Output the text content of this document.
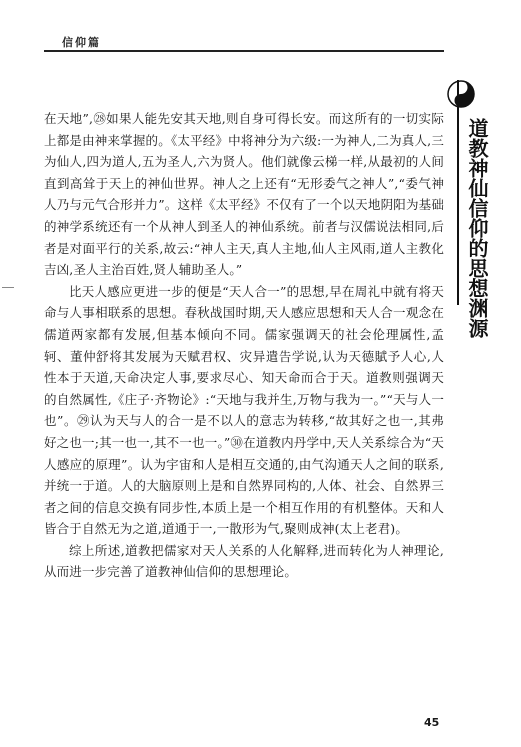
信仰篇
道教神仙信仰的思想渊源

在天地”,㉘如果人能先安其天地,则自身可得长安。而这所有的一切实际上都是由神来掌握的。《太平经》中将神分为六级:一为神人,二为真人,三为仙人,四为道人,五为圣人,六为贤人。他们就像云梯一样,从最初的人间直到高耸于天上的神仙世界。神人之上还有“无形委气之神人”,“委气神人乃与元气合形并力”。这样《太平经》不仅有了一个以天地阴阳为基础的神学系统还有一个从神人到圣人的神仙系统。前者与汉儒说法相同,后者是对面平行的关系,故云:“神人主天,真人主地,仙人主风雨,道人主教化吉凶,圣人主治百姓,贤人辅助圣人。”

比天人感应更进一步的便是“天人合一”的思想,早在周礼中就有将天命与人事相联系的思想。春秋战国时期,天人感应思想和天人合一观念在儒道两家都有发展,但基本倾向不同。儒家强调天的社会伦理属性,孟轲、董仲舒将其发展为天赋君权、灾异遣告学说,认为天德賦予人心,人性本于天道,天命决定人事,要求尽心、知天命而合于天。道教则强调天的自然属性,《庄子·齐物论》:“天地与我并生,万物与我为一。”“天与人一也”。㉙认为天与人的合一是不以人的意志为转移,“故其好之也一,其弗好之也一;其一也一,其不一也一。”㉚在道教内丹学中,天人关系综合为“天人感应的原理”。认为宇宙和人是相互交通的,由气沟通天人之间的联系,并统一于道。人的大脑原则上是和自然界同构的,人体、社会、自然界三者之间的信息交换有同步性,本质上是一个相互作用的有机整体。天和人皆合于自然无为之道,道通于一,一散形为气,聚则成神(太上老君)。

综上所述,道教把儒家对天人关系的人化解释,进而转化为人神理论,从而进一步完善了道教神仙信仰的思想理论。

45
